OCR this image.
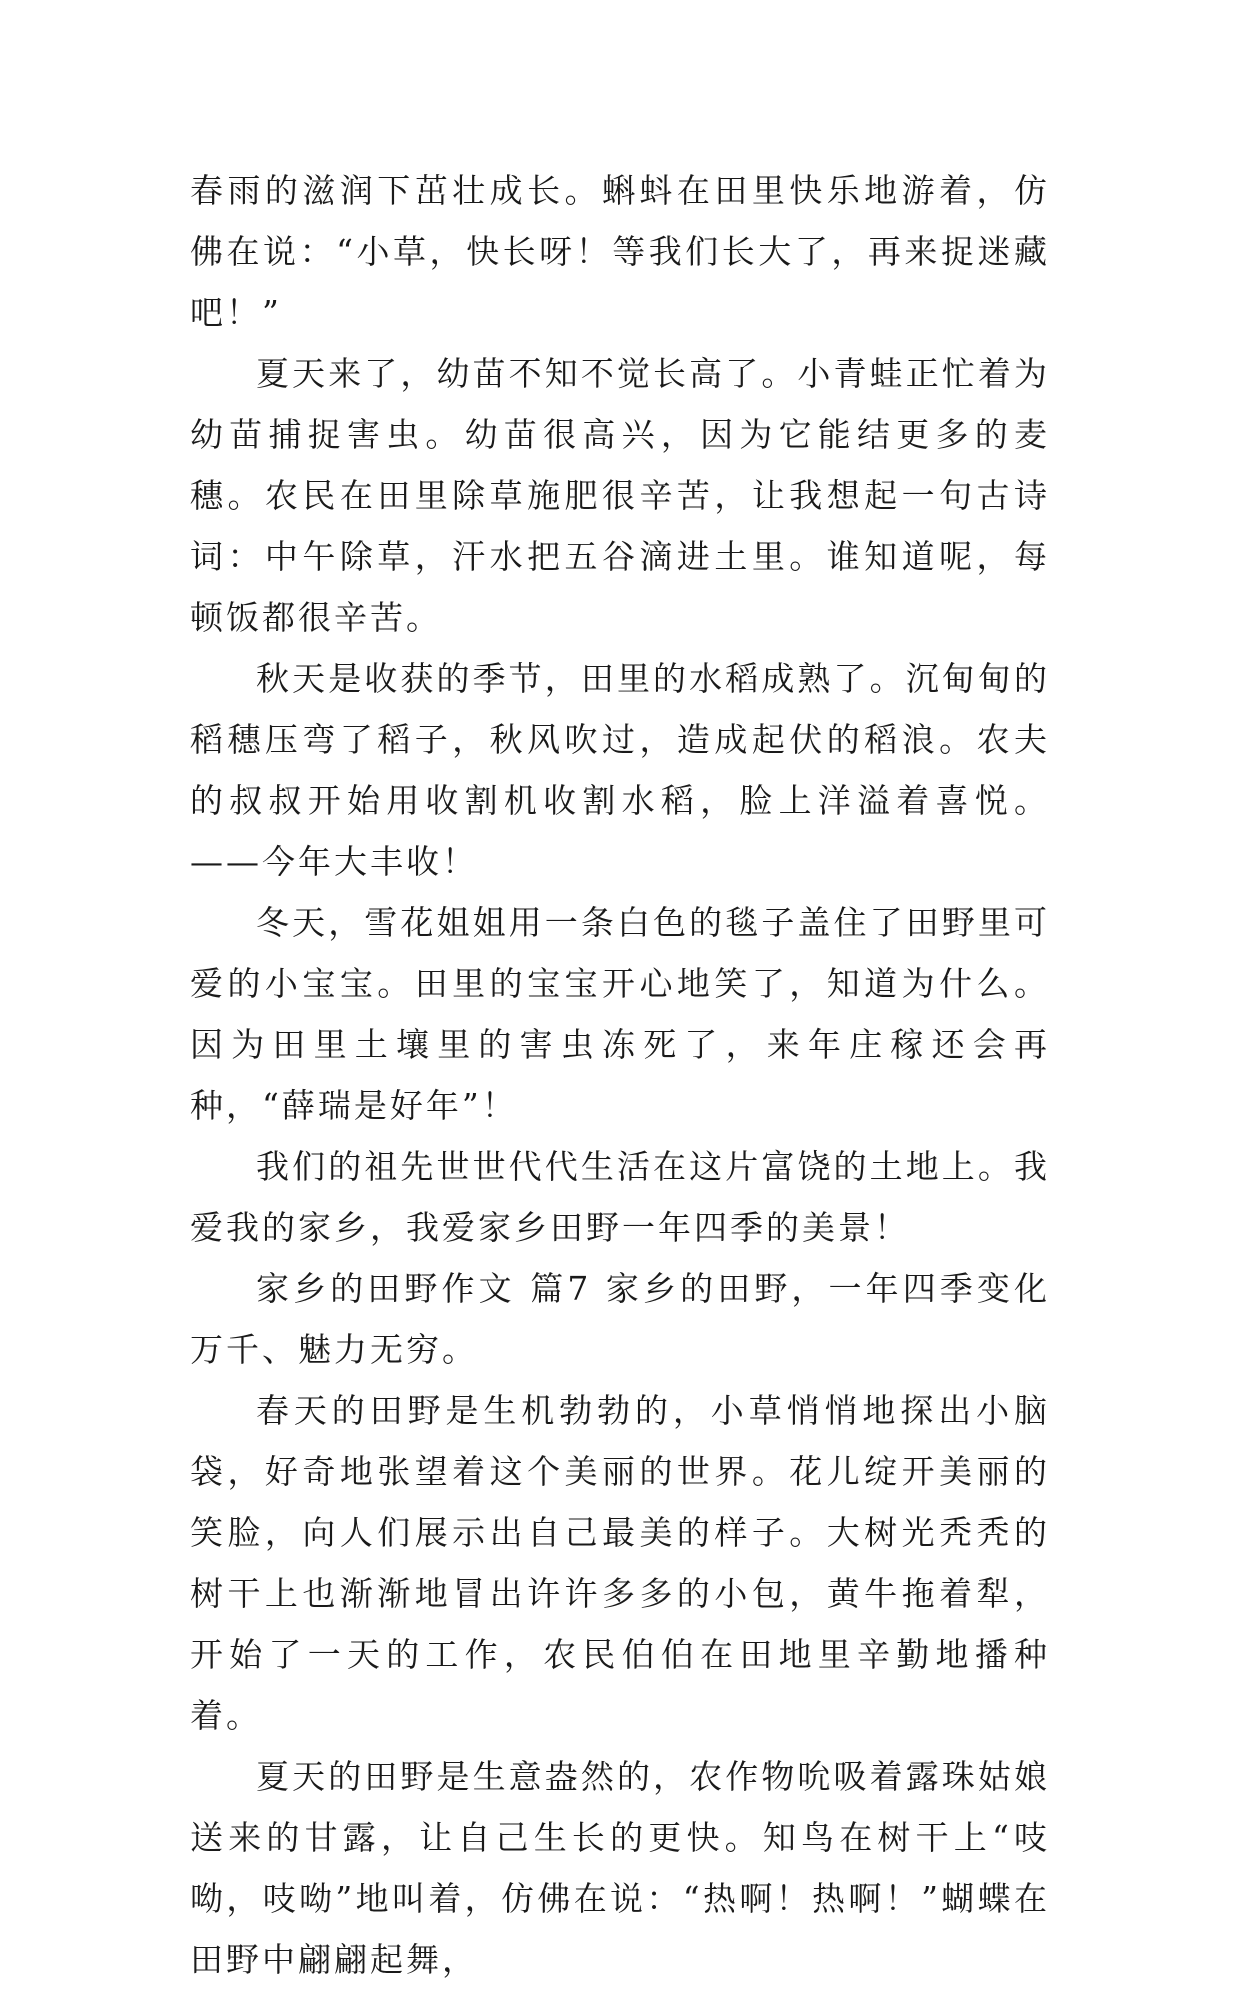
春雨的滋润下茁壮成长。蝌蚪在田里快乐地游着，仿佛在说：“小草，快长呀！等我们长大了，再来捉迷藏吧！”

夏天来了，幼苗不知不觉长高了。小青蛙正忙着为幼苗捕捉害虫。幼苗很高兴，因为它能结更多的麦穗。农民在田里除草施肥很辛苦，让我想起一句古诗词：中午除草，汗水把五谷滴进土里。谁知道呢，每顿饭都很辛苦。

秋天是收获的季节，田里的水稻成熟了。沉甸甸的稻穗压弯了稻子，秋风吹过，造成起伏的稻浪。农夫的叔叔开始用收割机收割水稻，脸上洋溢着喜悦。——今年大丰收！

冬天，雪花姐姐用一条白色的毯子盖住了田野里可爱的小宝宝。田里的宝宝开心地笑了，知道为什么。因为田里土壤里的害虫冻死了，来年庄稼还会再种，“薛瑞是好年”！

我们的祖先世世代代生活在这片富饶的土地上。我爱我的家乡，我爱家乡田野一年四季的美景！

家乡的田野作文 篇7 家乡的田野，一年四季变化万千、魅力无穷。

春天的田野是生机勃勃的，小草悄悄地探出小脑袋，好奇地张望着这个美丽的世界。花儿绽开美丽的笑脸，向人们展示出自己最美的样子。大树光秃秃的树干上也渐渐地冒出许许多多的小包，黄牛拖着犁，开始了一天的工作，农民伯伯在田地里辛勤地播种着。

夏天的田野是生意盎然的，农作物吮吸着露珠姑娘送来的甘露，让自己生长的更快。知鸟在树干上“吱呦，吱呦”地叫着，仿佛在说：“热啊！热啊！”蝴蝶在田野中翩翩起舞，
